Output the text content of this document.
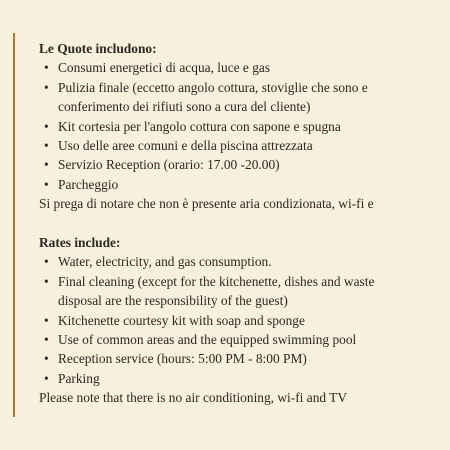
Le Quote includono:

• Consumi energetici di acqua, luce e gas
• Pulizia finale (eccetto angolo cottura, stoviglie che sono e
conferimento dei rifiuti sono a cura del cliente)
• Kit cortesia per l'angolo cottura con sapone e spugna
• Uso delle aree comuni e della piscina attrezzata
• Servizio Reception (orario: 17.00 -20.00)
• Parcheggio

Si prega di notare che non è presente aria condizionata, wi-fi e

Rates include:

• Water, electricity, and gas consumption.
• Final cleaning (except for the kitchenette, dishes and waste
disposal are the responsibility of the guest)
• Kitchenette courtesy kit with soap and sponge
• Use of common areas and the equipped swimming pool
• Reception service (hours: 5:00 PM - 8:00 PM)
• Parking

Please note that there is no air conditioning, wi-fi and TV
